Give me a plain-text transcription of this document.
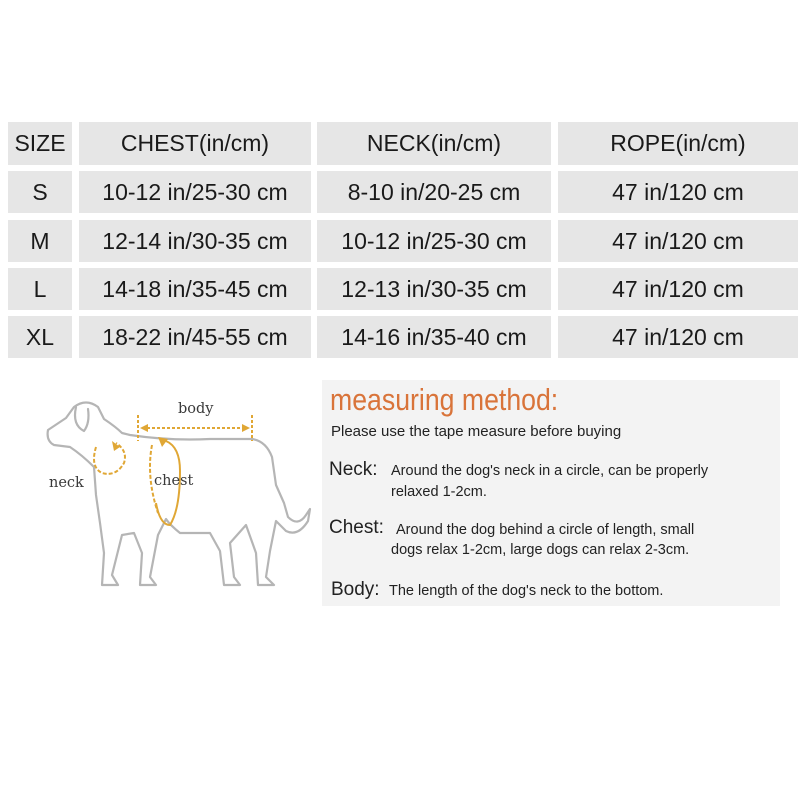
SIZE	CHEST(in/cm)	NECK(in/cm)	ROPE(in/cm)
S	10-12 in/25-30 cm	8-10 in/20-25 cm	47 in/120 cm
M	12-14 in/30-35 cm	10-12 in/25-30 cm	47 in/120 cm
L	14-18 in/35-45 cm	12-13 in/30-35 cm	47 in/120 cm
XL	18-22 in/45-55 cm	14-16 in/35-40 cm	47 in/120 cm
body
neck	chest
measuring method:
Please use the tape measure before buying
Neck: Around the dog's neck in a circle, can be properly
relaxed 1-2cm.
Chest: Around the dog behind a circle of length, small
dogs relax 1-2cm, large dogs can relax 2-3cm.
Body: The length of the dog's neck to the bottom.
